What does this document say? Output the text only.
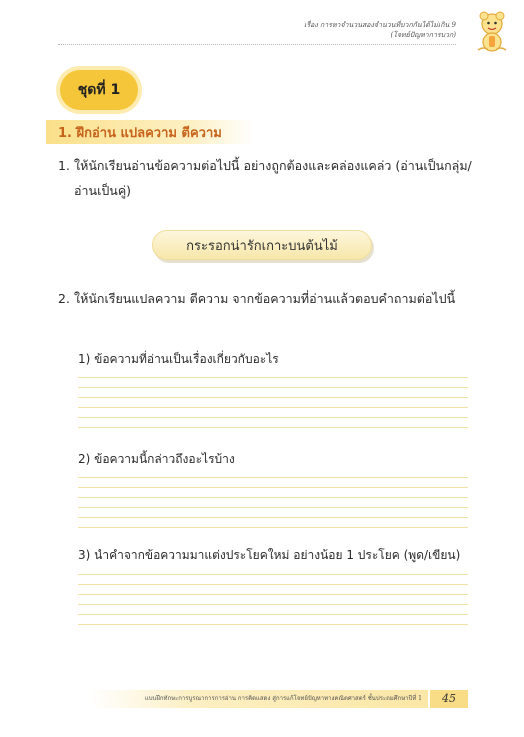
เรื่อง การหาจำนวนสองจำนวนที่บวกกันได้ไม่เกิน 9
(โจทย์ปัญหาการบวก)
ชุดที่ 1
1. ฝึกอ่าน แปลความ ตีความ
1. ให้นักเรียนอ่านข้อความต่อไปนี้ อย่างถูกต้องและคล่องแคล่ว (อ่านเป็นกลุ่ม/อ่านเป็นคู่)
กระรอกน่ารักเกาะบนต้นไม้
2. ให้นักเรียนแปลความ ตีความ จากข้อความที่อ่านแล้วตอบคำถามต่อไปนี้
1) ข้อความที่อ่านเป็นเรื่องเกี่ยวกับอะไร
2) ข้อความนี้กล่าวถึงอะไรบ้าง
3) นำคำจากข้อความมาแต่งประโยคใหม่ อย่างน้อย 1 ประโยค (พูด/เขียน)
แบบฝึกทักษะการบูรณาการการอ่าน การคิดแสดง สู่การแก้โจทย์ปัญหาทางคณิตศาสตร์ ชั้นประถมศึกษาปีที่ 1	45
